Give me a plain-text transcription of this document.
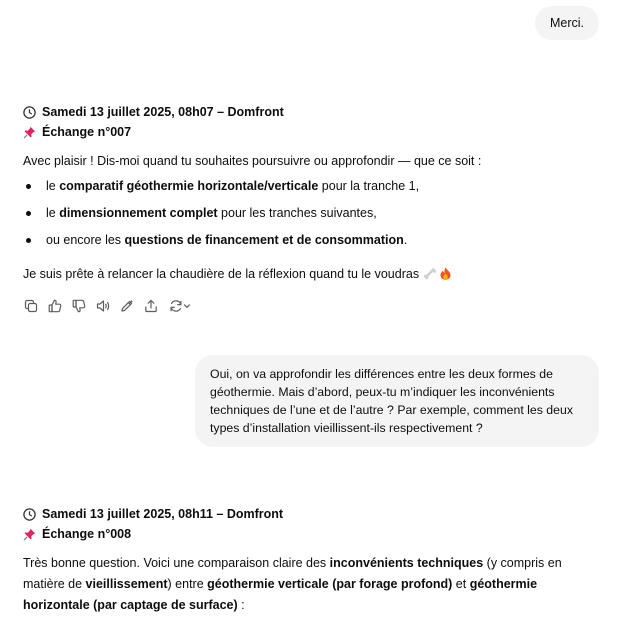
Merci.
Samedi 13 juillet 2025, 08h07 – Domfront
Échange n°007
Avec plaisir ! Dis-moi quand tu souhaites poursuivre ou approfondir — que ce soit :
le comparatif géothermie horizontale/verticale pour la tranche 1,
le dimensionnement complet pour les tranches suivantes,
ou encore les questions de financement et de consommation.
Je suis prête à relancer la chaudière de la réflexion quand tu le voudras
Oui, on va approfondir les différences entre les deux formes de géothermie. Mais d’abord, peux-tu m’indiquer les inconvénients techniques de l’une et de l’autre ? Par exemple, comment les deux types d’installation vieillissent-ils respectivement ?
Samedi 13 juillet 2025, 08h11 – Domfront
Échange n°008
Très bonne question. Voici une comparaison claire des inconvénients techniques (y compris en matière de vieillissement) entre géothermie verticale (par forage profond) et géothermie horizontale (par captage de surface) :
